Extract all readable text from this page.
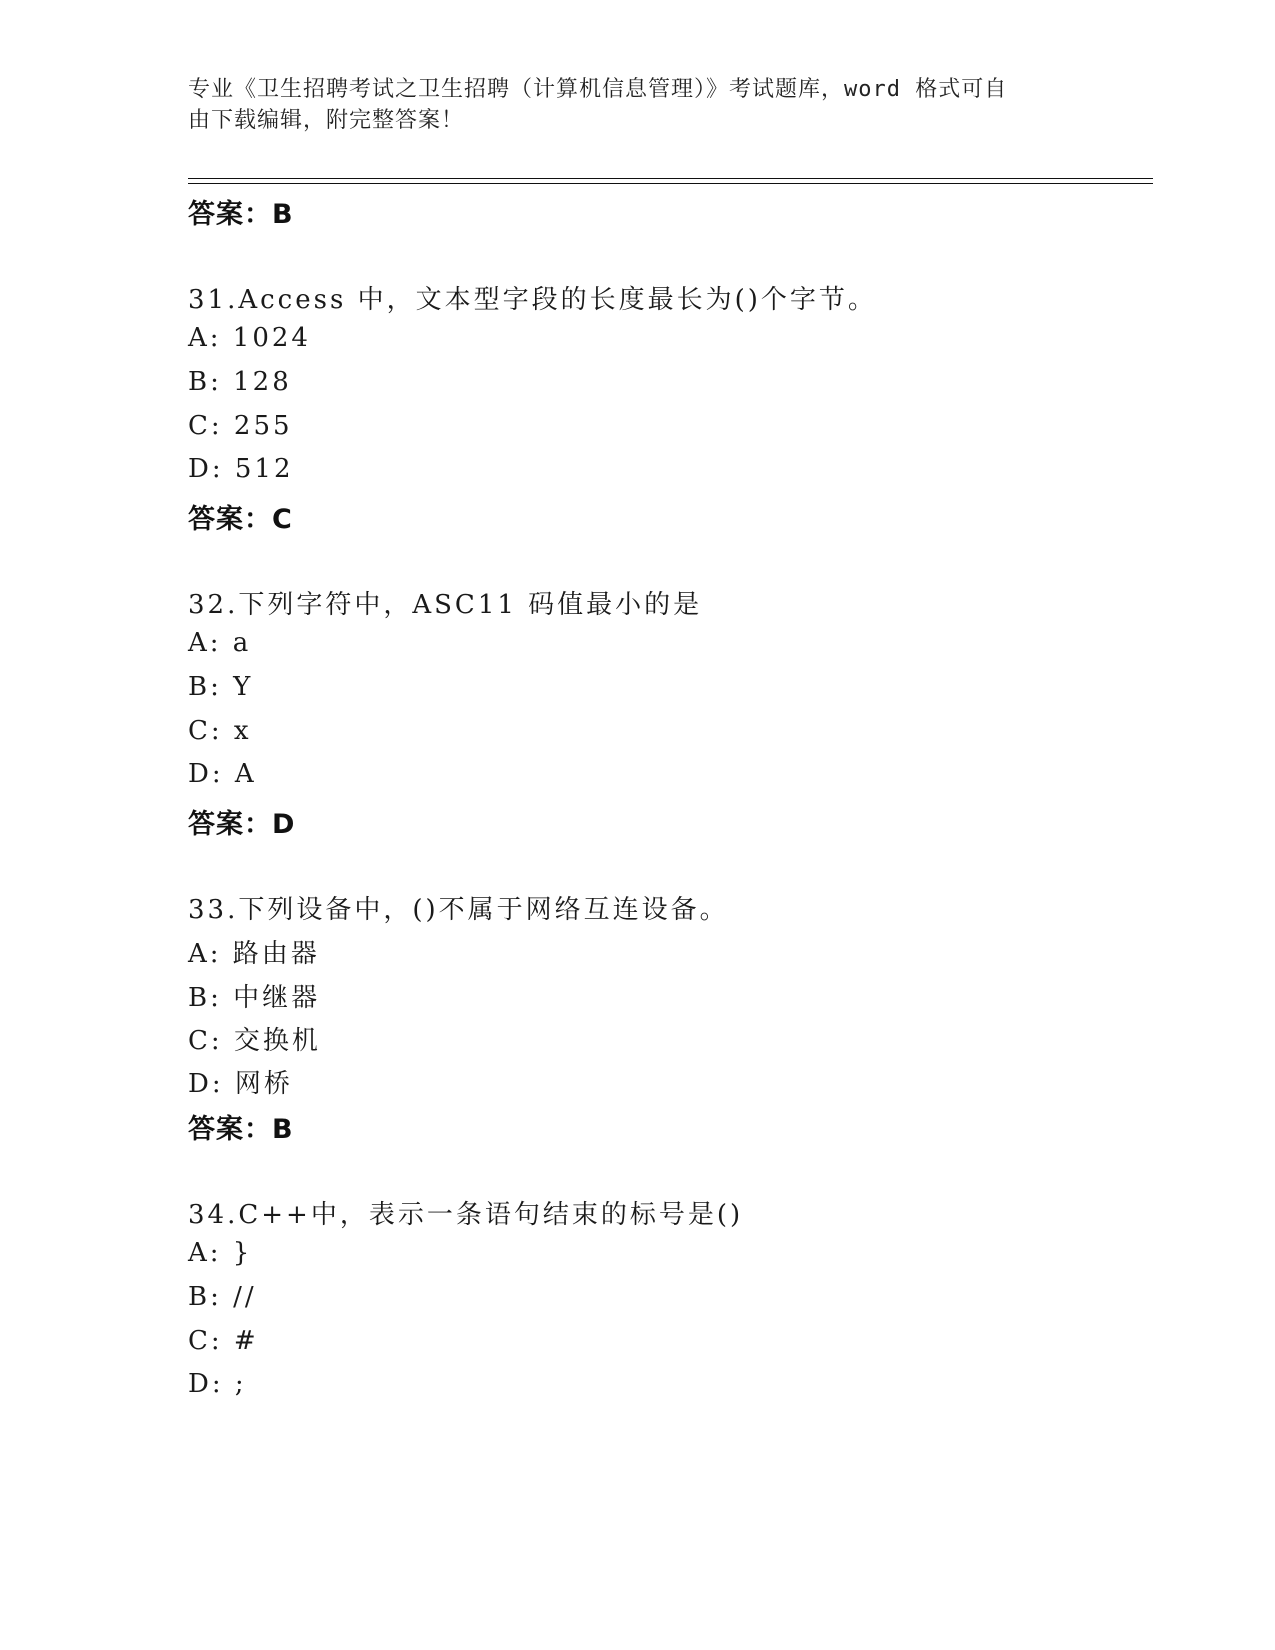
专业《卫生招聘考试之卫生招聘（计算机信息管理）》考试题库，word 格式可自
由下载编辑，附完整答案！
答案：B
31.Access 中，文本型字段的长度最长为()个字节。
A: 1024
B: 128
C: 255
D: 512
答案：C
32.下列字符中，ASC11 码值最小的是
A: a
B: Y
C: x
D: A
答案：D
33.下列设备中，()不属于网络互连设备。
A: 路由器
B: 中继器
C: 交换机
D: 网桥
答案：B
34.C++中，表示一条语句结束的标号是()
A: }
B: //
C: #
D: ;
